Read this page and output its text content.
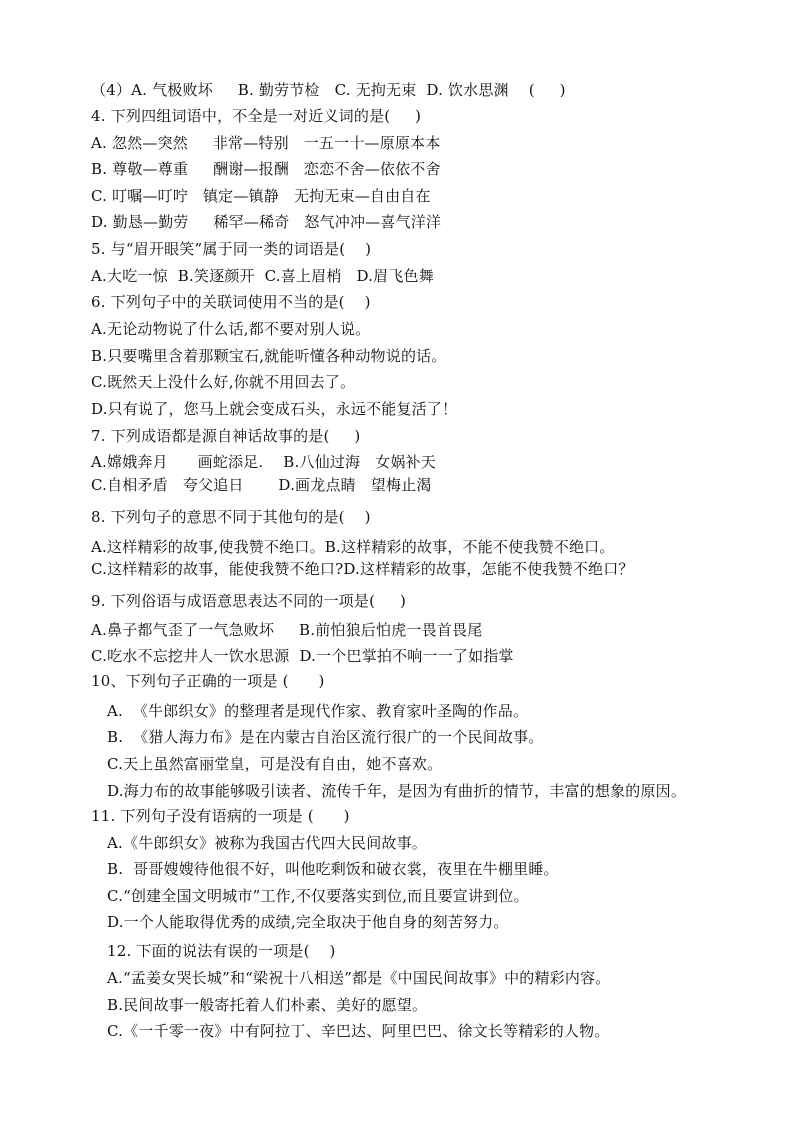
（4）A. 气极败坏     B. 勤劳节检   C. 无拘无束  D. 饮水思渊    (     )
4. 下列四组词语中，不全是一对近义词的是(     )
A. 忽然—突然     非常—特别   一五一十—原原本本
B. 尊敬—尊重     酬谢—报酬   恋恋不舍—依依不舍
C. 叮嘱—叮咛   镇定—镇静   无拘无束—自由自在
D. 勤恳—勤劳     稀罕—稀奇   怒气冲冲—喜气洋洋
5. 与“眉开眼笑”属于同一类的词语是(    )
A.大吃一惊  B.笑逐颜开  C.喜上眉梢   D.眉飞色舞
6. 下列句子中的关联词使用不当的是(    )
A.无论动物说了什么话,都不要对别人说。
B.只要嘴里含着那颗宝石,就能听懂各种动物说的话。
C.既然天上没什么好,你就不用回去了。
D.只有说了，您马上就会变成石头，永远不能复活了！
7. 下列成语都是源自神话故事的是(     )
A.嫦娥奔月      画蛇添足.    B.八仙过海   女娲补天
C.自相矛盾   夸父追日       D.画龙点睛   望梅止渴
8. 下列句子的意思不同于其他句的是(    )
A.这样精彩的故事,使我赞不绝口。B.这样精彩的故事，不能不使我赞不绝口。
C.这样精彩的故事，能使我赞不绝口?D.这样精彩的故事，怎能不使我赞不绝口？
9. 下列俗语与成语意思表达不同的一项是(     )
A.鼻子都气歪了一气急败坏     B.前怕狼后怕虎一畏首畏尾
C.吃水不忘挖井人一饮水思源  D.一个巴掌拍不响一一了如指掌
10、下列句子正确的一项是 (      )
A.  《牛郎织女》的整理者是现代作家、教育家叶圣陶的作品。
B.  《猎人海力布》是在内蒙古自治区流行很广的一个民间故事。
C.天上虽然富丽堂皇，可是没有自由，她不喜欢。
D.海力布的故事能够吸引读者、流传千年，是因为有曲折的情节，丰富的想象的原因。
11. 下列句子没有语病的一项是 (      )
A.《牛郎织女》被称为我国古代四大民间故事。
B.  哥哥嫂嫂待他很不好，叫他吃剩饭和破衣裳，夜里在牛棚里睡。
C.“创建全国文明城市”工作,不仅要落实到位,而且要宣讲到位。
D.一个人能取得优秀的成绩,完全取决于他自身的刻苦努力。
12. 下面的说法有误的一项是(    )
A.“孟姜女哭长城”和“梁祝十八相送”都是《中国民间故事》中的精彩内容。
B.民间故事一般寄托着人们朴素、美好的愿望。
C.《一千零一夜》中有阿拉丁、辛巴达、阿里巴巴、徐文长等精彩的人物。
